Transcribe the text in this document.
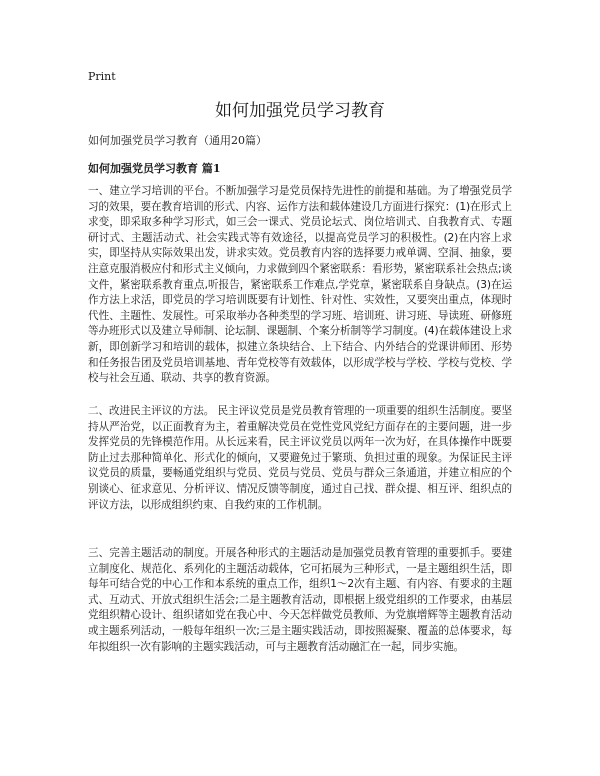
Print
如何加强党员学习教育
如何加强党员学习教育（通用20篇）
如何加强党员学习教育 篇1

一、建立学习培训的平台。不断加强学习是党员保持先进性的前提和基础。为了增强党员学习的效果，要在教育培训的形式、内容、运作方法和载体建设几方面进行探究：(1)在形式上求变，即采取多种学习形式，如三会一课式、党员论坛式、岗位培训式、自我教育式、专题研讨式、主题活动式、社会实践式等有效途径，以提高党员学习的积极性。(2)在内容上求实，即坚持从实际效果出发，讲求实效。党员教育内容的选择要力戒单调、空洞、抽象，要注意克服消极应付和形式主义倾向，力求做到四个紧密联系：看形势，紧密联系社会热点;谈文件，紧密联系教育重点,听报告，紧密联系工作难点,学党章，紧密联系自身缺点。(3)在运作方法上求活，即党员的学习培训既要有计划性、针对性、实效性，又要突出重点，体现时代性、主题性、发展性。可采取举办各种类型的学习班、培训班、讲习班、导读班、研修班等办班形式以及建立导师制、论坛制、课题制、个案分析制等学习制度。(4)在载体建设上求新，即创新学习和培训的载体，拟建立条块结合、上下结合、内外结合的党课讲师团、形势和任务报告团及党员培训基地、青年党校等有效载体，以形成学校与学校、学校与党校、学校与社会互通、联动、共享的教育资源。

二、改进民主评议的方法。 民主评议党员是党员教育管理的一项重要的组织生活制度。要坚持从严治党，以正面教育为主，着重解决党员在党性党风党纪方面存在的主要问题，进一步发挥党员的先锋模范作用。从长远来看，民主评议党员以两年一次为好，在具体操作中既要防止过去那种简单化、形式化的倾向，又要避免过于繁琐、负担过重的现象。为保证民主评议党员的质量，要畅通党组织与党员、党员与党员、党员与群众三条通道，并建立相应的个别谈心、征求意见、分析评议、情况反馈等制度，通过自己找、群众提、相互评、组织点的评议方法，以形成组织约束、自我约束的工作机制。

三、完善主题活动的制度。开展各种形式的主题活动是加强党员教育管理的重要抓手。要建立制度化、规范化、系列化的主题活动载体，它可拓展为三种形式，一是主题组织生活，即每年可结合党的中心工作和本系统的重点工作，组织1～2次有主题、有内容、有要求的主题式、互动式、开放式组织生活会;二是主题教育活动，即根据上级党组织的工作要求，由基层党组织精心设计、组织诸如党在我心中、今天怎样做党员教师、为党旗增辉等主题教育活动或主题系列活动，一般每年组织一次;三是主题实践活动，即按照凝聚、覆盖的总体要求，每年拟组织一次有影响的主题实践活动，可与主题教育活动融汇在一起，同步实施。
